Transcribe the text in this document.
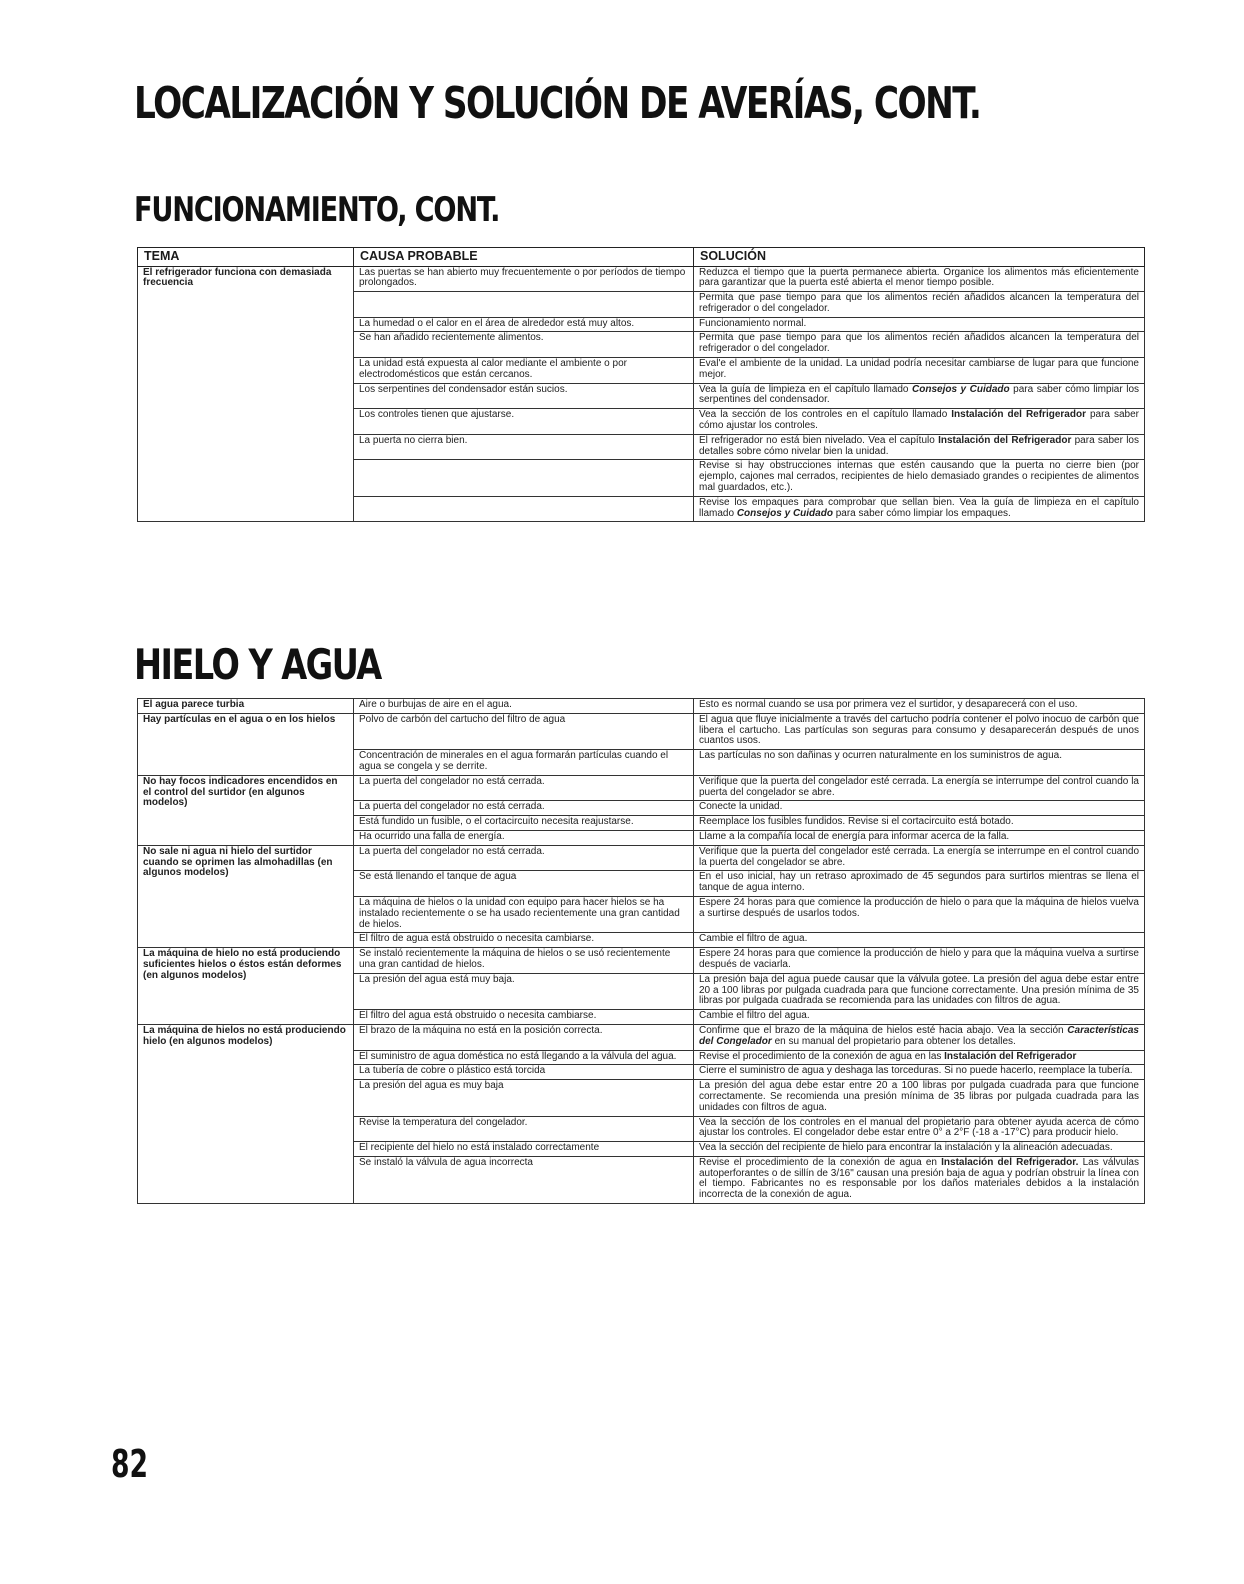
LOCALIZACIÓN Y SOLUCIÓN DE AVERÍAS, CONT.
FUNCIONAMIENTO, CONT.
TEMA	CAUSA PROBABLE	SOLUCIÓN
El refrigerador funciona con demasiada frecuencia	Las puertas se han abierto muy frecuentemente o por períodos de tiempo prolongados.	Reduzca el tiempo que la puerta permanece abierta. Organice los alimentos más eficientemente para garantizar que la puerta esté abierta el menor tiempo posible.
		Permita que pase tiempo para que los alimentos recién añadidos alcancen la temperatura del refrigerador o del congelador.
	La humedad o el calor en el área de alrededor está muy altos.	Funcionamiento normal.
	Se han añadido recientemente alimentos.	Permita que pase tiempo para que los alimentos recién añadidos alcancen la temperatura del refrigerador o del congelador.
	La unidad está expuesta al calor mediante el ambiente o por electrodomésticos que están cercanos.	Eval'e el ambiente de la unidad. La unidad podría necesitar cambiarse de lugar para que funcione mejor.
	Los serpentines del condensador están sucios.	Vea la guía de limpieza en el capítulo llamado Consejos y Cuidado para saber cómo limpiar los serpentines del condensador.
	Los controles tienen que ajustarse.	Vea la sección de los controles en el capítulo llamado Instalación del Refrigerador para saber cómo ajustar los controles.
	La puerta no cierra bien.	El refrigerador no está bien nivelado. Vea el capítulo Instalación del Refrigerador para saber los detalles sobre cómo nivelar bien la unidad.
		Revise si hay obstrucciones internas que estén causando que la puerta no cierre bien (por ejemplo, cajones mal cerrados, recipientes de hielo demasiado grandes o recipientes de alimentos mal guardados, etc.).
		Revise los empaques para comprobar que sellan bien. Vea la guía de limpieza en el capítulo llamado Consejos y Cuidado para saber cómo limpiar los empaques.
HIELO Y AGUA
El agua parece turbia	Aire o burbujas de aire en el agua.	Esto es normal cuando se usa por primera vez el surtidor, y desaparecerá con el uso.
Hay partículas en el agua o en los hielos	Polvo de carbón del cartucho del filtro de agua	El agua que fluye inicialmente a través del cartucho podría contener el polvo inocuo de carbón que libera el cartucho. Las partículas son seguras para consumo y desaparecerán después de unos cuantos usos.
	Concentración de minerales en el agua formarán partículas cuando el agua se congela y se derrite.	Las partículas no son dañinas y ocurren naturalmente en los suministros de agua.
No hay focos indicadores encendidos en el control del surtidor (en algunos modelos)	La puerta del congelador no está cerrada.	Verifique que la puerta del congelador esté cerrada. La energía se interrumpe del control cuando la puerta del congelador se abre.
	La puerta del congelador no está cerrada.	Conecte la unidad.
	Está fundido un fusible, o el cortacircuito necesita reajustarse.	Reemplace los fusibles fundidos. Revise si el cortacircuito está botado.
	Ha ocurrido una falla de energía.	Llame a la compañía local de energía para informar acerca de la falla.
No sale ni agua ni hielo del surtidor cuando se oprimen las almohadillas (en algunos modelos)	La puerta del congelador no está cerrada.	Verifique que la puerta del congelador esté cerrada. La energía se interrumpe en el control cuando la puerta del congelador se abre.
	Se está llenando el tanque de agua	En el uso inicial, hay un retraso aproximado de 45 segundos para surtirlos mientras se llena el tanque de agua interno.
	La máquina de hielos o la unidad con equipo para hacer hielos se ha instalado recientemente o se ha usado recientemente una gran cantidad de hielos.	Espere 24 horas para que comience la producción de hielo o para que la máquina de hielos vuelva a surtirse después de usarlos todos.
	El filtro de agua está obstruido o necesita cambiarse.	Cambie el filtro de agua.
La máquina de hielo no está produciendo suficientes hielos o éstos están deformes (en algunos modelos)	Se instaló recientemente la máquina de hielos o se usó recientemente una gran cantidad de hielos.	Espere 24 horas para que comience la producción de hielo y para que la máquina vuelva a surtirse después de vaciarla.
	La presión del agua está muy baja.	La presión baja del agua puede causar que la válvula gotee. La presión del agua debe estar entre 20 a 100 libras por pulgada cuadrada para que funcione correctamente. Una presión mínima de 35 libras por pulgada cuadrada se recomienda para las unidades con filtros de agua.
	El filtro del agua está obstruido o necesita cambiarse.	Cambie el filtro del agua.
La máquina de hielos no está produciendo hielo (en algunos modelos)	El brazo de la máquina no está en la posición correcta.	Confirme que el brazo de la máquina de hielos esté hacia abajo. Vea la sección Características del Congelador en su manual del propietario para obtener los detalles.
	El suministro de agua doméstica no está llegando a la válvula del agua.	Revise el procedimiento de la conexión de agua en las Instalación del Refrigerador
	La tubería de cobre o plástico está torcida	Cierre el suministro de agua y deshaga las torceduras. Si no puede hacerlo, reemplace la tubería.
	La presión del agua es muy baja	La presión del agua debe estar entre 20 a 100 libras por pulgada cuadrada para que funcione correctamente. Se recomienda una presión mínima de 35 libras por pulgada cuadrada para las unidades con filtros de agua.
	Revise la temperatura del congelador.	Vea la sección de los controles en el manual del propietario para obtener ayuda acerca de cómo ajustar los controles. El congelador debe estar entre 0° a 2°F (-18 a -17°C) para producir hielo.
	El recipiente del hielo no está instalado correctamente	Vea la sección del recipiente de hielo para encontrar la instalación y la alineación adecuadas.
	Se instaló la válvula de agua incorrecta	Revise el procedimiento de la conexión de agua en Instalación del Refrigerador. Las válvulas autoperforantes o de sillín de 3/16" causan una presión baja de agua y podrían obstruir la línea con el tiempo. Fabricantes no es responsable por los daños materiales debidos a la instalación incorrecta de la conexión de agua.
82
